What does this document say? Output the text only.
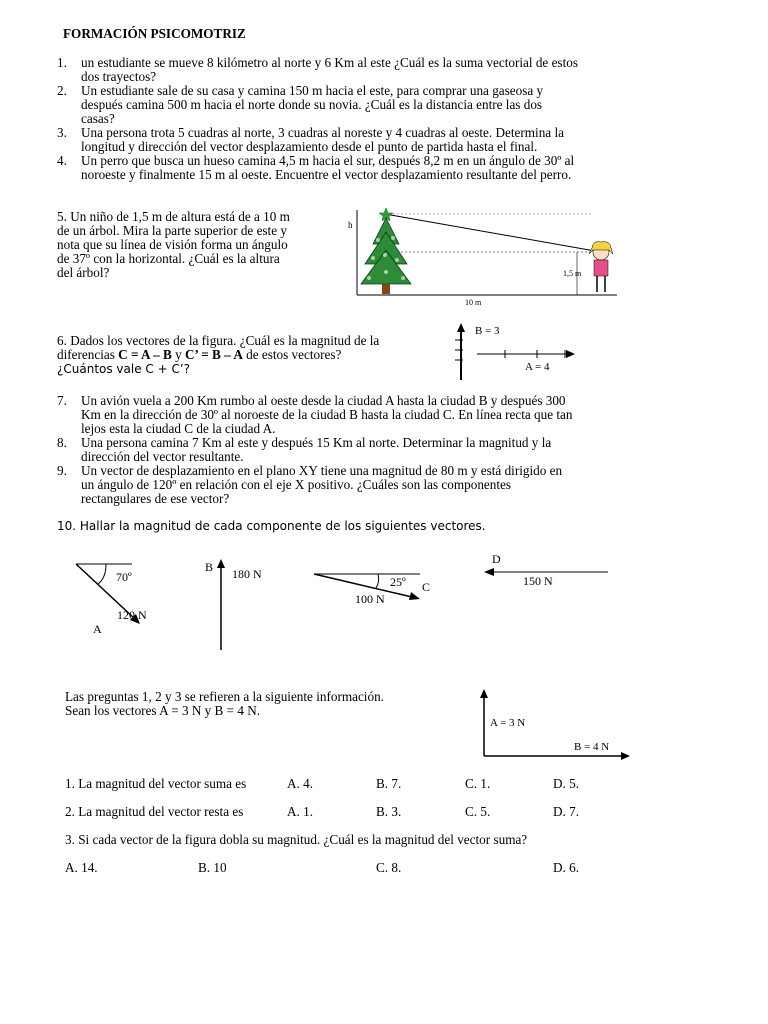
FORMACIÓN PSICOMOTRIZ
1.	un estudiante se mueve 8 kilómetro al norte y 6 Km al este ¿Cuál es la suma vectorial de estos
dos trayectos?
2.	Un estudiante sale de su casa y camina 150 m hacia el este, para comprar una gaseosa y
después camina 500 m hacia el norte donde su novia. ¿Cuál es la distancia entre las dos
casas?
3.	Una persona trota 5 cuadras al norte, 3 cuadras al noreste y 4 cuadras al oeste. Determina la
longitud y dirección del vector desplazamiento desde el punto de partida hasta el final.
4.	Un perro que busca un hueso camina 4,5 m hacia el sur, después 8,2 m en un ángulo de 30º al
noroeste y finalmente 15 m al oeste. Encuentre el vector desplazamiento resultante del perro.
5. Un niño de 1,5 m de altura está de a 10 m
de un árbol. Mira la parte superior de este y
nota que su línea de visión forma un ángulo
de 37º con la horizontal. ¿Cuál es la altura
del árbol?
h
1,5 m
10 m
6. Dados los vectores de la figura. ¿Cuál es la magnitud de la
diferencias C = A – B y C’ = B – A de estos vectores?
¿Cuántos vale C + C’?
B = 3
A = 4
7.	Un avión vuela a 200 Km rumbo al oeste desde la ciudad A hasta la ciudad B y después 300
Km en la dirección de 30º al noroeste de la ciudad B hasta la ciudad C. En línea recta que tan
lejos esta la ciudad C de la ciudad A.
8.	Una persona camina 7 Km al este y después 15 Km al norte. Determinar la magnitud y la
dirección del vector resultante.
9.	Un vector de desplazamiento en el plano XY tiene una magnitud de 80 m y está dirigido en
un ángulo de 120º en relación con el eje X positivo. ¿Cuáles son las componentes
rectangulares de ese vector?
10. Hallar la magnitud de cada componente de los siguientes vectores.
70º
120 N
A
B 180 N
25º
100 N
C
D
150 N
Las preguntas 1, 2 y 3 se refieren a la siguiente información.
Sean los vectores A = 3 N y B = 4 N.
A = 3 N
B = 4 N
1. La magnitud del vector suma es	A. 4.	B. 7.	C. 1.	D. 5.
2. La magnitud del vector resta es	A. 1.	B. 3.	C. 5.	D. 7.
3. Si cada vector de la figura dobla su magnitud. ¿Cuál es la magnitud del vector suma?
A. 14.	B. 10	C. 8.	D. 6.
